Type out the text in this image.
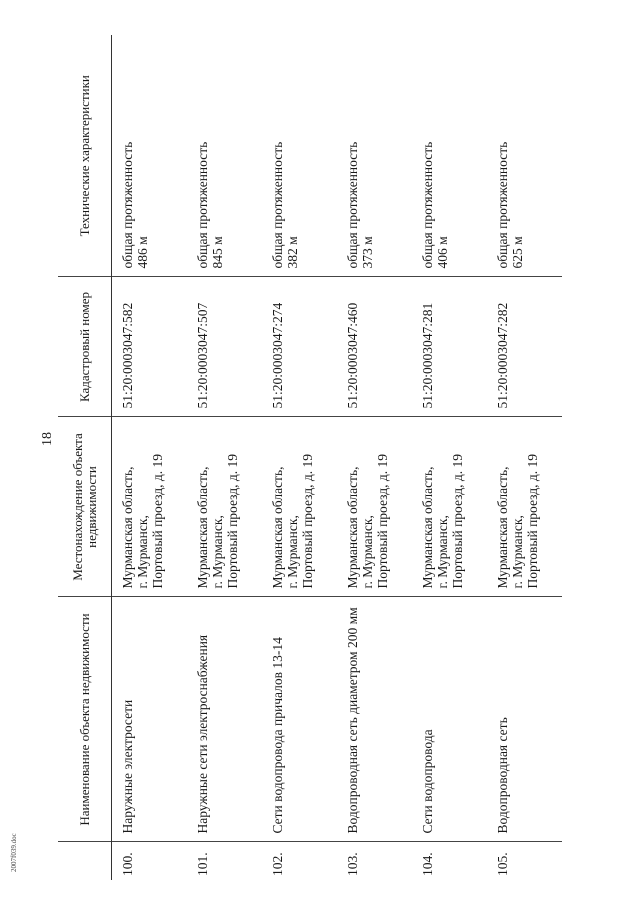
18
	Наименование объекта недвижимости	Местонахождение объекта недвижимости	Кадастровый номер	Технические характеристики
100.	Наружные электросети	Мурманская область,
г. Мурманск,
Портовый проезд, д. 19	51:20:0003047:582	общая протяженность
486 м
101.	Наружные сети электроснабжения	Мурманская область,
г. Мурманск,
Портовый проезд, д. 19	51:20:0003047:507	общая протяженность
845 м
102.	Сети водопровода причалов 13-14	Мурманская область,
г. Мурманск,
Портовый проезд, д. 19	51:20:0003047:274	общая протяженность
382 м
103.	Водопроводная сеть диаметром 200 мм	Мурманская область,
г. Мурманск,
Портовый проезд, д. 19	51:20:0003047:460	общая протяженность
373 м
104.	Сети водопровода	Мурманская область,
г. Мурманск,
Портовый проезд, д. 19	51:20:0003047:281	общая протяженность
406 м
105.	Водопроводная сеть	Мурманская область,
г. Мурманск,
Портовый проезд, д. 19	51:20:0003047:282	общая протяженность
625 м
2007f039.doc
